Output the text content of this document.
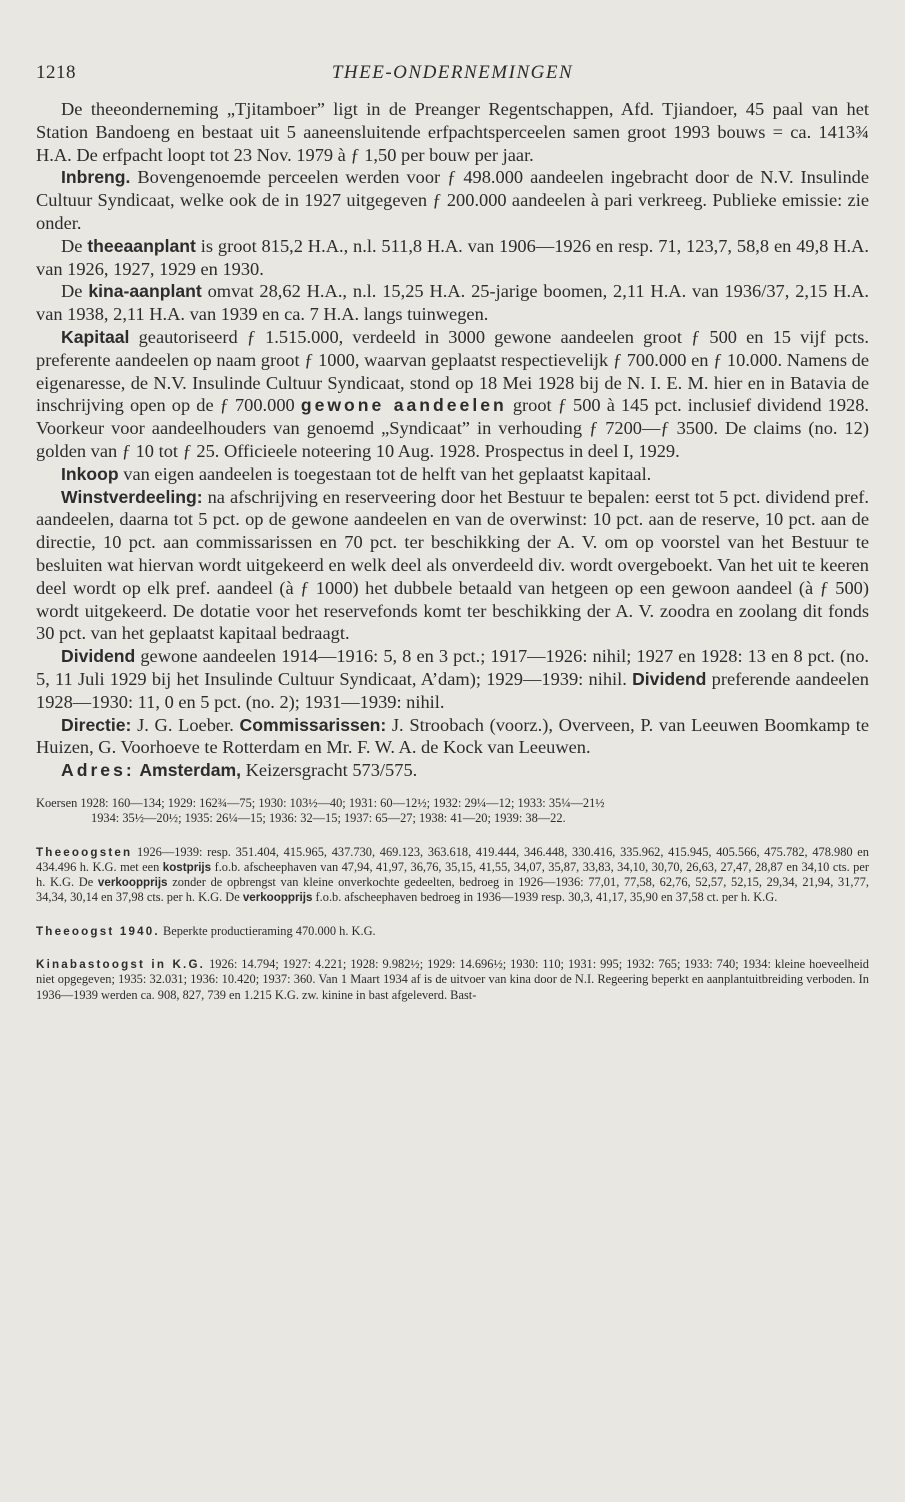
1218	THEE-ONDERNEMINGEN

De theeonderneming „Tjitamboer” ligt in de Preanger Regentschappen, Afd. Tjiandoer, 45 paal van het Station Bandoeng en bestaat uit 5 aaneensluitende erfpachtsperceelen samen groot 1993 bouws = ca. 1413¾ H.A. De erfpacht loopt tot 23 Nov. 1979 à ƒ 1,50 per bouw per jaar.

Inbreng. Bovengenoemde perceelen werden voor ƒ 498.000 aandeelen ingebracht door de N.V. Insulinde Cultuur Syndicaat, welke ook de in 1927 uitgegeven ƒ 200.000 aandeelen à pari verkreeg. Publieke emissie: zie onder.

De theeaanplant is groot 815,2 H.A., n.l. 511,8 H.A. van 1906—1926 en resp. 71, 123,7, 58,8 en 49,8 H.A. van 1926, 1927, 1929 en 1930.

De kina-aanplant omvat 28,62 H.A., n.l. 15,25 H.A. 25-jarige boomen, 2,11 H.A. van 1936/37, 2,15 H.A. van 1938, 2,11 H.A. van 1939 en ca. 7 H.A. langs tuinwegen.

Kapitaal geautoriseerd ƒ 1.515.000, verdeeld in 3000 gewone aandeelen groot ƒ 500 en 15 vijf pcts. preferente aandeelen op naam groot ƒ 1000, waarvan geplaatst respectievelijk ƒ 700.000 en ƒ 10.000. Namens de eigenaresse, de N.V. Insulinde Cultuur Syndicaat, stond op 18 Mei 1928 bij de N. I. E. M. hier en in Batavia de inschrijving open op de ƒ 700.000 gewone aandeelen groot ƒ 500 à 145 pct. inclusief dividend 1928. Voorkeur voor aandeelhouders van genoemd „Syndicaat” in verhouding ƒ 7200—ƒ 3500. De claims (no. 12) golden van ƒ 10 tot ƒ 25. Officieele noteering 10 Aug. 1928. Prospectus in deel I, 1929.

Inkoop van eigen aandeelen is toegestaan tot de helft van het geplaatst kapitaal.

Winstverdeeling: na afschrijving en reserveering door het Bestuur te bepalen: eerst tot 5 pct. dividend pref. aandeelen, daarna tot 5 pct. op de gewone aandeelen en van de overwinst: 10 pct. aan de reserve, 10 pct. aan de directie, 10 pct. aan commissarissen en 70 pct. ter beschikking der A. V. om op voorstel van het Bestuur te besluiten wat hiervan wordt uitgekeerd en welk deel als onverdeeld div. wordt overgeboekt. Van het uit te keeren deel wordt op elk pref. aandeel (à ƒ 1000) het dubbele betaald van hetgeen op een gewoon aandeel (à ƒ 500) wordt uitgekeerd. De dotatie voor het reservefonds komt ter beschikking der A. V. zoodra en zoolang dit fonds 30 pct. van het geplaatst kapitaal bedraagt.

Dividend gewone aandeelen 1914—1916: 5, 8 en 3 pct.; 1917—1926: nihil; 1927 en 1928: 13 en 8 pct. (no. 5, 11 Juli 1929 bij het Insulinde Cultuur Syndicaat, A’dam); 1929—1939: nihil. Dividend preferende aandeelen 1928—1930: 11, 0 en 5 pct. (no. 2); 1931—1939: nihil.

Directie: J. G. Loeber. Commissarissen: J. Stroobach (voorz.), Overveen, P. van Leeuwen Boomkamp te Huizen, G. Voorhoeve te Rotterdam en Mr. F. W. A. de Kock van Leeuwen.

Adres: Amsterdam, Keizersgracht 573/575.

Koersen 1928: 160—134; 1929: 162¾—75; 1930: 103½—40; 1931: 60—12½; 1932: 29¼—12; 1933: 35¼—21½
1934: 35½—20½; 1935: 26¼—15; 1936: 32—15; 1937: 65—27; 1938: 41—20; 1939: 38—22.

Theeoogsten 1926—1939: resp. 351.404, 415.965, 437.730, 469.123, 363.618, 419.444, 346.448, 330.416, 335.962, 415.945, 405.566, 475.782, 478.980 en 434.496 h. K.G. met een kostprijs f.o.b. afscheephaven van 47,94, 41,97, 36,76, 35,15, 41,55, 34,07, 35,87, 33,83, 34,10, 30,70, 26,63, 27,47, 28,87 en 34,10 cts. per h. K.G. De verkoopprijs zonder de opbrengst van kleine onverkochte gedeelten, bedroeg in 1926—1936: 77,01, 77,58, 62,76, 52,57, 52,15, 29,34, 21,94, 31,77, 34,34, 30,14 en 37,98 cts. per h. K.G. De verkoopprijs f.o.b. afscheephaven bedroeg in 1936—1939 resp. 30,3, 41,17, 35,90 en 37,58 ct. per h. K.G.

Theeoogst 1940. Beperkte productieraming 470.000 h. K.G.

Kinabastoogst in K.G. 1926: 14.794; 1927: 4.221; 1928: 9.982½; 1929: 14.696½; 1930: 110; 1931: 995; 1932: 765; 1933: 740; 1934: kleine hoeveelheid niet opgegeven; 1935: 32.031; 1936: 10.420; 1937: 360. Van 1 Maart 1934 af is de uitvoer van kina door de N.I. Regeering beperkt en aanplantuitbreiding verboden. In 1936—1939 werden ca. 908, 827, 739 en 1.215 K.G. zw. kinine in bast afgeleverd. Bast-
